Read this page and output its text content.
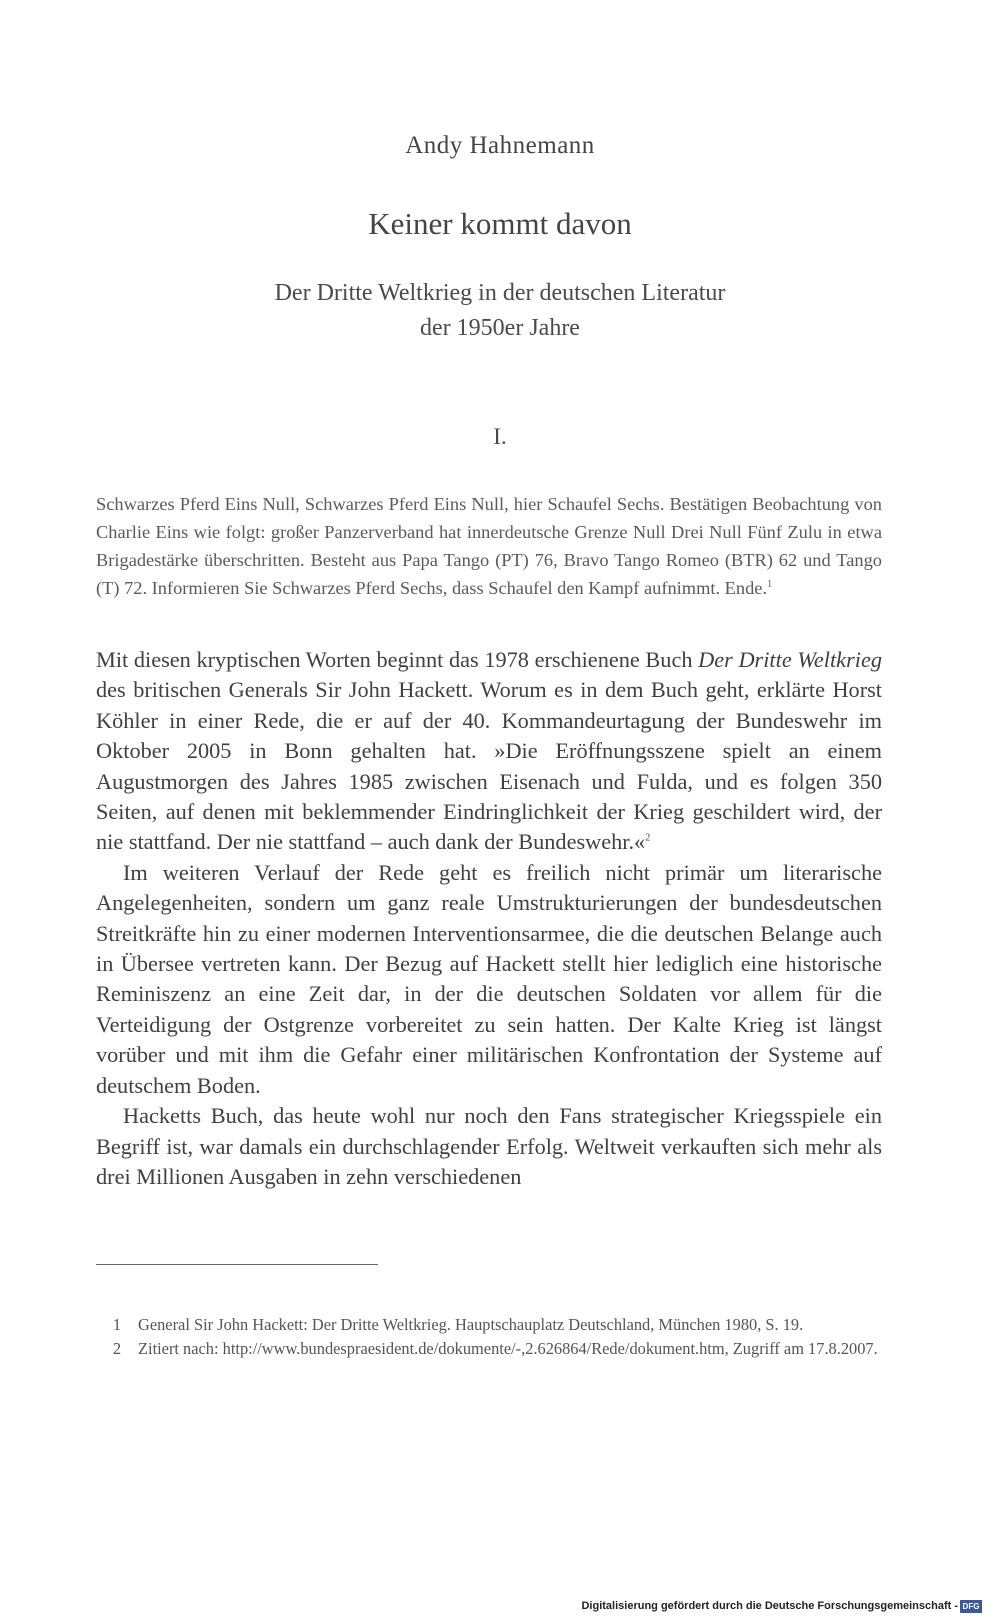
Andy Hahnemann
Keiner kommt davon
Der Dritte Weltkrieg in der deutschen Literatur
der 1950er Jahre
I.
Schwarzes Pferd Eins Null, Schwarzes Pferd Eins Null, hier Schaufel Sechs. Bestätigen Beobachtung von Charlie Eins wie folgt: großer Panzerverband hat innerdeutsche Grenze Null Drei Null Fünf Zulu in etwa Brigadestärke überschritten. Besteht aus Papa Tango (PT) 76, Bravo Tango Romeo (BTR) 62 und Tango (T) 72. Informieren Sie Schwarzes Pferd Sechs, dass Schaufel den Kampf aufnimmt. Ende.$^1$

Mit diesen kryptischen Worten beginnt das 1978 erschienene Buch Der Dritte Weltkrieg des britischen Generals Sir John Hackett. Worum es in dem Buch geht, erklärte Horst Köhler in einer Rede, die er auf der 40. Kommandeurtagung der Bundeswehr im Oktober 2005 in Bonn gehalten hat. »Die Eröffnungsszene spielt an einem Augustmorgen des Jahres 1985 zwischen Eisenach und Fulda, und es folgen 350 Seiten, auf denen mit beklemmender Eindringlichkeit der Krieg geschildert wird, der nie stattfand. Der nie stattfand – auch dank der Bundeswehr.«$^2$

Im weiteren Verlauf der Rede geht es freilich nicht primär um literarische Angelegenheiten, sondern um ganz reale Umstrukturierungen der bundesdeutschen Streitkräfte hin zu einer modernen Interventionsarmee, die die deutschen Belange auch in Übersee vertreten kann. Der Bezug auf Hackett stellt hier lediglich eine historische Reminiszenz an eine Zeit dar, in der die deutschen Soldaten vor allem für die Verteidigung der Ostgrenze vorbereitet zu sein hatten. Der Kalte Krieg ist längst vorüber und mit ihm die Gefahr einer militärischen Konfrontation der Systeme auf deutschem Boden.

Hacketts Buch, das heute wohl nur noch den Fans strategischer Kriegsspiele ein Begriff ist, war damals ein durchschlagender Erfolg. Weltweit verkauften sich mehr als drei Millionen Ausgaben in zehn verschiedenen

1 General Sir John Hackett: Der Dritte Weltkrieg. Hauptschauplatz Deutschland, München 1980, S. 19.

2 Zitiert nach: http://www.bundespraesident.de/dokumente/-,2.626864/Rede/dokument.htm, Zugriff am 17.8.2007.

Digitalisierung gefördert durch die Deutsche Forschungsgemeinschaft - DFG
